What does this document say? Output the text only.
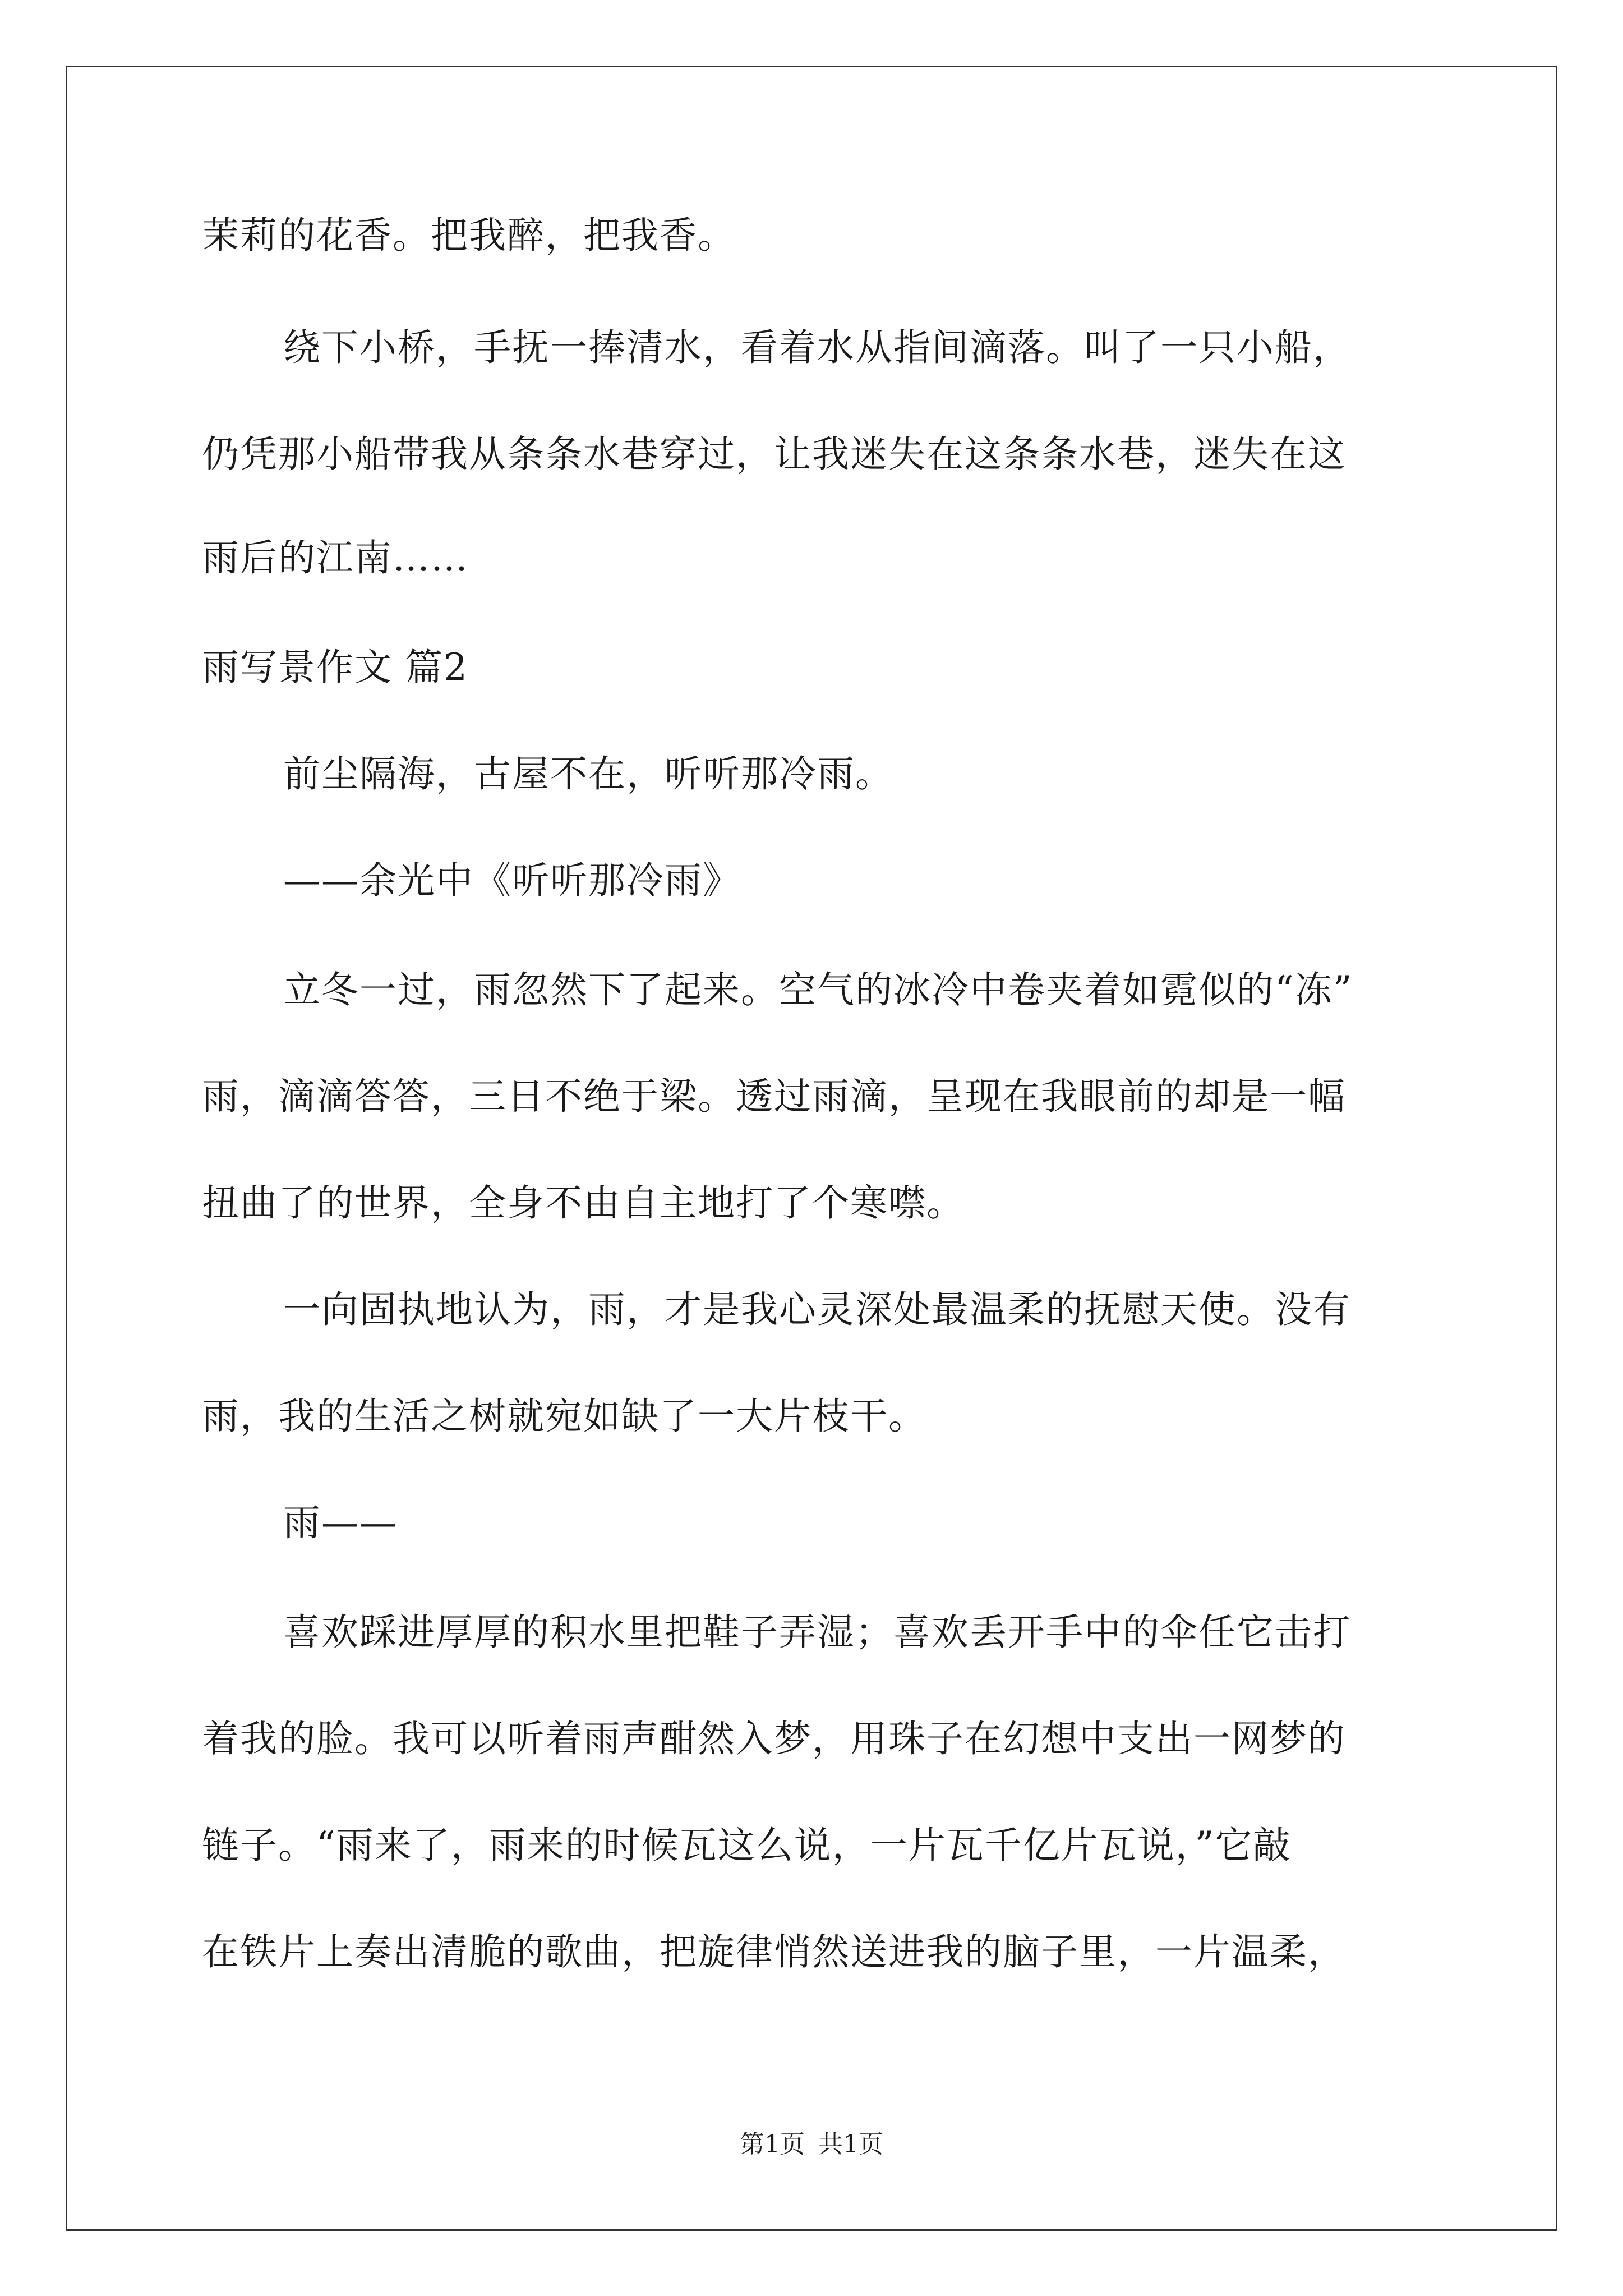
茉莉的花香。把我醉，把我香。
绕下小桥，手抚一捧清水，看着水从指间滴落。叫了一只小船，
仍凭那小船带我从条条水巷穿过，让我迷失在这条条水巷，迷失在这
雨后的江南……
雨写景作文 篇2
前尘隔海，古屋不在，听听那冷雨。
——余光中《听听那冷雨》
立冬一过，雨忽然下了起来。空气的冰冷中卷夹着如霓似的“冻”
雨，滴滴答答，三日不绝于梁。透过雨滴，呈现在我眼前的却是一幅
扭曲了的世界，全身不由自主地打了个寒噤。
一向固执地认为，雨，才是我心灵深处最温柔的抚慰天使。没有
雨，我的生活之树就宛如缺了一大片枝干。
雨——
喜欢踩进厚厚的积水里把鞋子弄湿；喜欢丢开手中的伞任它击打
着我的脸。我可以听着雨声酣然入梦，用珠子在幻想中支出一网梦的
链子。“雨来了，雨来的时候瓦这么说，一片瓦千亿片瓦说，”它敲
在铁片上奏出清脆的歌曲，把旋律悄然送进我的脑子里，一片温柔，
第1页 共1页
